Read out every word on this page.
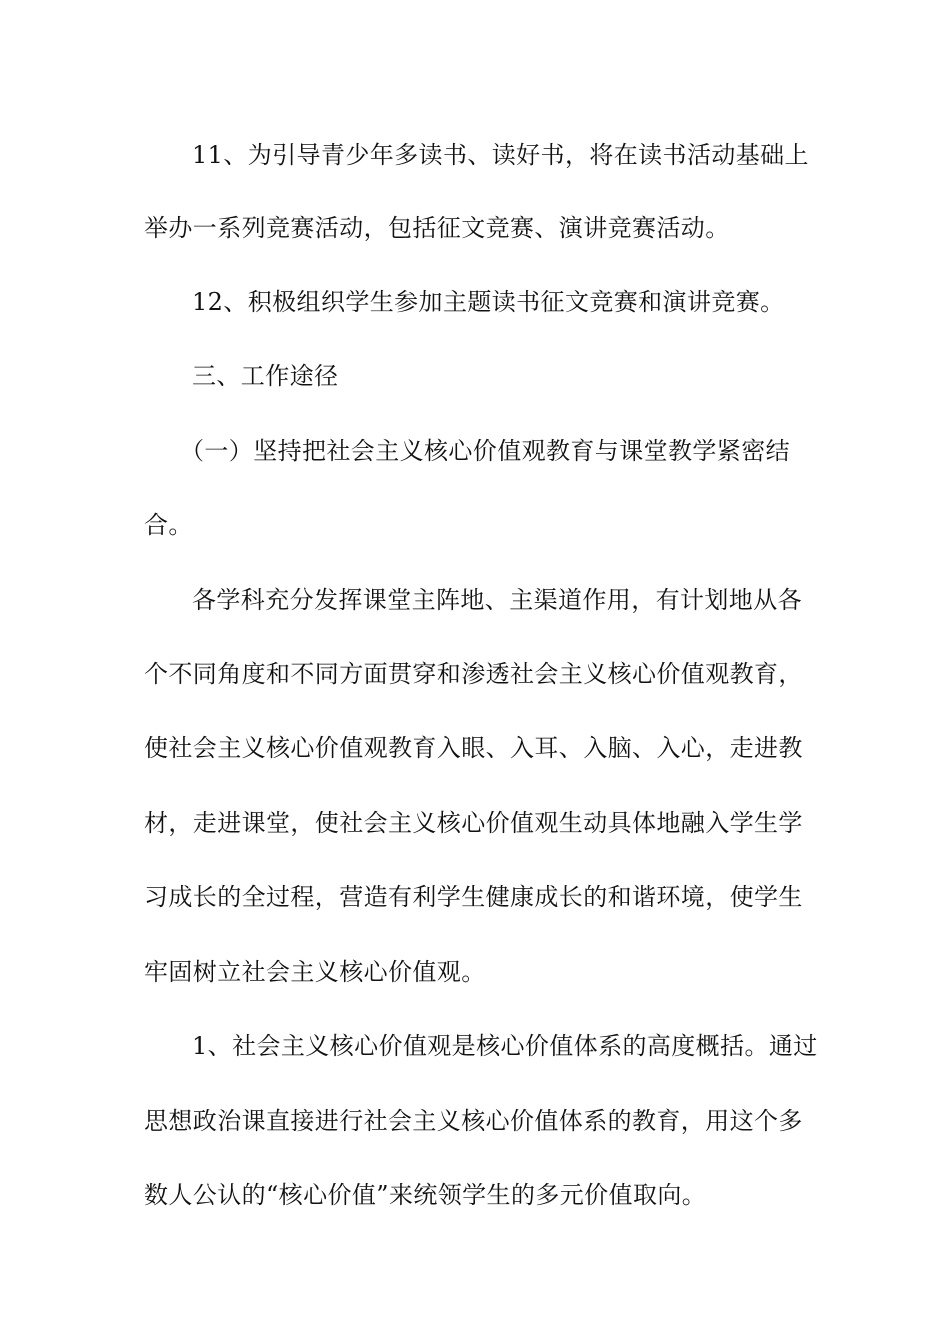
11、为引导青少年多读书、读好书，将在读书活动基础上
举办一系列竞赛活动，包括征文竞赛、演讲竞赛活动。
12、积极组织学生参加主题读书征文竞赛和演讲竞赛。
三、工作途径
（一）坚持把社会主义核心价值观教育与课堂教学紧密结
合。
各学科充分发挥课堂主阵地、主渠道作用，有计划地从各
个不同角度和不同方面贯穿和渗透社会主义核心价值观教育，
使社会主义核心价值观教育入眼、入耳、入脑、入心，走进教
材，走进课堂，使社会主义核心价值观生动具体地融入学生学
习成长的全过程，营造有利学生健康成长的和谐环境，使学生
牢固树立社会主义核心价值观。
1、社会主义核心价值观是核心价值体系的高度概括。通过
思想政治课直接进行社会主义核心价值体系的教育，用这个多
数人公认的“核心价值”来统领学生的多元价值取向。
